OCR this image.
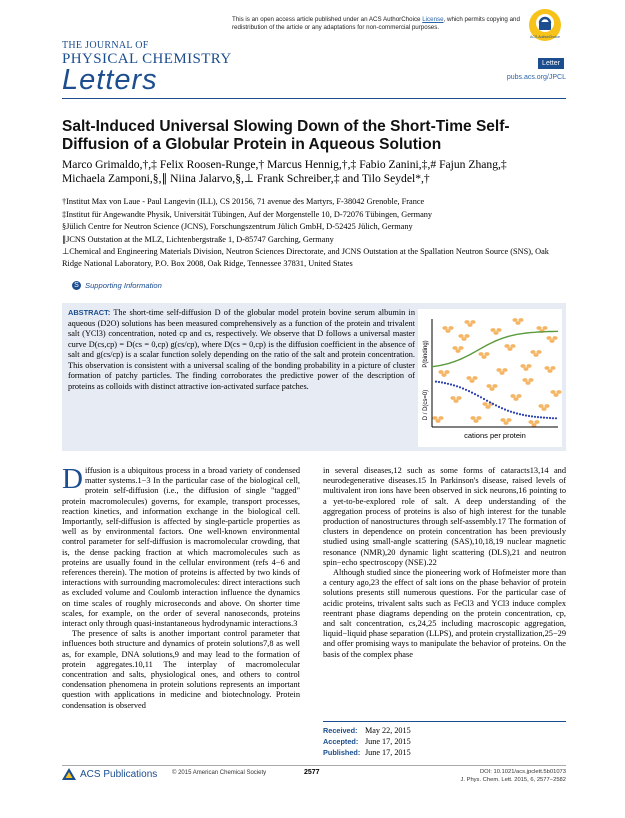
This is an open access article published under an ACS AuthorChoice License, which permits copying and redistribution of the article or any adaptations for non-commercial purposes.
ACS AuthorChoice
THE JOURNAL OF
PHYSICAL CHEMISTRY
Letters
Letter
pubs.acs.org/JPCL
Salt-Induced Universal Slowing Down of the Short-Time Self-Diffusion of a Globular Protein in Aqueous Solution
Marco Grimaldo,†,‡ Felix Roosen-Runge,† Marcus Hennig,†,‡ Fabio Zanini,‡,# Fajun Zhang,‡
Michaela Zamponi,§,∥ Niina Jalarvo,§,⊥ Frank Schreiber,‡ and Tilo Seydel*,†

†Institut Max von Laue - Paul Langevin (ILL), CS 20156, 71 avenue des Martyrs, F-38042 Grenoble, France

‡Institut für Angewandte Physik, Universität Tübingen, Auf der Morgenstelle 10, D-72076 Tübingen, Germany

§Jülich Centre for Neutron Science (JCNS), Forschungszentrum Jülich GmbH, D-52425 Jülich, Germany

∥JCNS Outstation at the MLZ, Lichtenbergstraße 1, D-85747 Garching, Germany

⊥Chemical and Engineering Materials Division, Neutron Sciences Directorate, and JCNS Outstation at the Spallation Neutron Source (SNS), Oak Ridge National Laboratory, P.O. Box 2008, Oak Ridge, Tennessee 37831, United States

S Supporting Information
ABSTRACT: The short-time self-diffusion D of the globular model protein bovine serum albumin in aqueous (D2O) solutions has been measured comprehensively as a function of the protein and trivalent salt (YCl3) concentration, noted cp and cs, respectively. We observe that D follows a universal master curve D(cs,cp) = D(cs = 0,cp) g(cs/cp), where D(cs = 0,cp) is the diffusion coefficient in the absence of salt and g(cs/cp) is a scalar function solely depending on the ratio of the salt and protein concentration. This observation is consistent with a universal scaling of the bonding probability in a picture of cluster formation of patchy particles. The finding corroborates the predictive power of the description of proteins as colloids with distinct attractive ion-activated surface patches.
P(binding)
D / D(cs=0)
cations per protein

Diffusion is a ubiquitous process in a broad variety of condensed matter systems.1−3 In the particular case of the biological cell, protein self-diffusion (i.e., the diffusion of single "tagged" protein macromolecules) governs, for example, transport processes, reaction kinetics, and information exchange in the biological cell. Importantly, self-diffusion is affected by single-particle properties as well as by environmental factors. One well-known environmental control parameter for self-diffusion is macromolecular crowding, that is, the dense packing fraction at which macromolecules such as proteins are usually found in the cellular environment (refs 4−6 and references therein). The motion of proteins is affected by two kinds of interactions with surrounding macromolecules: direct interactions such as excluded volume and Coulomb interaction influence the dynamics on time scales of roughly microseconds and above. On shorter time scales, for example, on the order of several nanoseconds, proteins interact only through quasi-instantaneous hydrodynamic interactions.3

The presence of salts is another important control parameter that influences both structure and dynamics of protein solutions7,8 as well as, for example, DNA solutions,9 and may lead to the formation of protein aggregates.10,11 The interplay of macromolecular concentration and salts, physiological ones, and others to control condensation phenomena in protein solutions represents an important question with applications in medicine and biotechnology. Protein condensation is observed

in several diseases,12 such as some forms of cataracts13,14 and neurodegenerative diseases.15 In Parkinson's disease, raised levels of multivalent iron ions have been observed in sick neurons,16 pointing to a yet-to-be-explored role of salt. A deep understanding of the aggregation process of proteins is also of high interest for the tunable production of nanostructures through self-assembly.17 The formation of clusters in dependence on protein concentration has been previously studied using small-angle scattering (SAS),10,18,19 nuclear magnetic resonance (NMR),20 dynamic light scattering (DLS),21 and neutron spin−echo spectroscopy (NSE).22

Although studied since the pioneering work of Hofmeister more than a century ago,23 the effect of salt ions on the phase behavior of protein solutions presents still numerous questions. For the particular case of acidic proteins, trivalent salts such as FeCl3 and YCl3 induce complex reentrant phase diagrams depending on the protein concentration, cp, and salt concentration, cs,24,25 including macroscopic aggregation, liquid−liquid phase separation (LLPS), and protein crystallization,25−29 and offer promising ways to manipulate the behavior of proteins. On the basis of the complex phase

Received: May 22, 2015
Accepted: June 17, 2015
Published: June 17, 2015
ACS Publications © 2015 American Chemical Society	2577	DOI: 10.1021/acs.jpclett.5b01073
J. Phys. Chem. Lett. 2015, 6, 2577−2582
